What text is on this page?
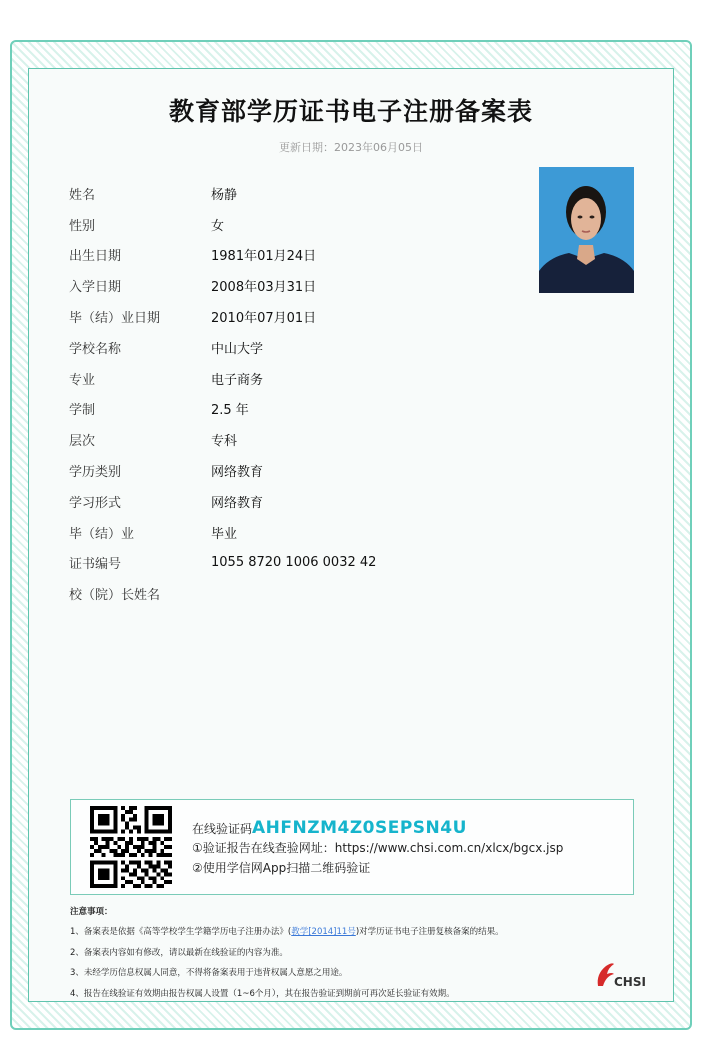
教育部学历证书电子注册备案表
更新日期：2023年06月05日
姓名	杨静
性别	女
出生日期	1981年01月24日
入学日期	2008年03月31日
毕（结）业日期	2010年07月01日
学校名称	中山大学
专业	电子商务
学制	2.5 年
层次	专科
学历类别	网络教育
学习形式	网络教育
毕（结）业	毕业
证书编号	1055 8720 1006 0032 42
校（院）长姓名
在线验证码AHFNZM4Z0SEPSN4U
①验证报告在线查验网址：https://www.chsi.com.cn/xlcx/bgcx.jsp
②使用学信网App扫描二维码验证
注意事项：
1、备案表是依据《高等学校学生学籍学历电子注册办法》(教学[2014]11号)对学历证书电子注册复核备案的结果。
2、备案表内容如有修改，请以最新在线验证的内容为准。
3、未经学历信息权属人同意，不得将备案表用于违背权属人意愿之用途。
4、报告在线验证有效期由报告权属人设置（1~6个月），其在报告验证到期前可再次延长验证有效期。
CHSI
